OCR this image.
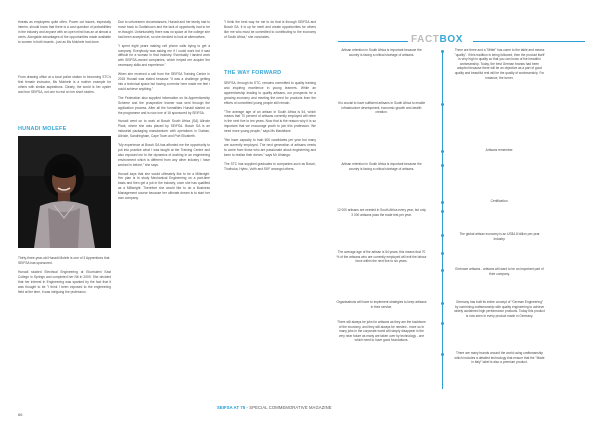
threats as employees quite often. Power cut issues, especially interim, should know that there is a cost question of probabilities in the industry and anyone with an open mind has an at almost a cents. Alongside advantages of the opportunities made available to women in both boards - just as Ms Mokhele had done.
From drawing office at a local police station to becoming STC's first female instructor, Ms Mokhele is a mother example for others with similar aspirations. Clearly, the world is her oyster and true SEIFSA, not one to rest on her short stories.
HUNADI MOLEFE
Thirty-three-year-old Hunadi Molefe is one of 3 Apprentices that SEIFSA has sponsored.
Hunadi studied Electrical Engineering at Ekurhuleni East College in Springs and completed her N6 in 2009. She decided that her interest in Engineering was sparked by the fact that it was thought to be "I think I been exposed to the engineering field at the time, it was intriguing the profession.

Due to unforeseen circumstances, Hunadi and her family had to move back to Oudtshoorn and the lack of opportunity had to be re-thought. Unfortunately there was no space at the college she had been accepted at, so she decided to look at alternatives.

"I spent eight years making cell phone calls trying to get a company. Everybody was asking me if I could work but it was difficult for a woman in that industry. Eventually I landed work with SEIFSA-owned companies, which helped me acquire the necessary skills and experience."

When she received a call from the SEIFSA Training Centre in 2015 Hunadi was elated because "it was a challenge getting into a technical space but having a mentor here made me feel I could achieve anything."

The Federation also supplied information on its Apprenticeship Scheme and the prospective learner was sent through the application process. After all the formalities Hunadi started on the programme and is now one of 16 sponsored by SEIFSA.

Hunadi went on to work at Bosch South Africa (SA) Allrode Plant, where she was placed by SEIFSA. Bosch SA is an industrial packaging manufacturer with operations in Durban, Allrode, Sandringham, Cape Town and Port Elizabeth.

"My experience at Bosch SA has afforded me the opportunity to put into practice what I was taught at the Training Centre and also exposed me to the dynamics of working in an engineering environment which is different from any other industry I have worked in before," she says.

Hunadi says that she would ultimately like to be a Millwright. Her plan is to study Mechanical Engineering on a part-time basis and then get a job in the industry, once she has qualified as a Millwright. Therefore she would like to do a Business Management course because her ultimate dream is to start her own company.

"I think the best way for me to do that is through SEIFSA and Bosch SA. It is up for merit and create opportunities for others like me who must be committed to contributing to the economy of South Africa," she concludes.
THE WAY FORWARD

SEIFSA, through its STC, remains committed to quality training and inspiring excellence in young learners. While an apprenticeship leading to quality artisans, our prospects for a growing economy and meeting the need for products from the efforts of committed young people still remain.

"The average age of an artisan in South Africa is 54, which means that 70 percent of artisans currently employed will retire in the next five to ten years. Now that is the reason why it is so important that we encourage youth to join this profession. We need more young people," says Ms Mashifane.

"We have capacity to train 600 candidates per year but many are currently employed. The next generation of artisans needs to come from those who are passionate about engineering and keen to realise their dream," says Mr Uhlanga.

The STC has supplied graduates to companies such as Bosch, Thuthuka, Hytec, Voith and SKF amongst others.

FACTBOX
Artisan retention in South Africa is important because the country is facing a critical shortage of artisans.
It is crucial to have sufficient artisans in South Africa to enable infrastructure development, economic growth and wealth creation.
Artisan retention in South Africa is important because the country is facing a critical shortage of artisans.
12 000 artisans are needed in South Africa every year, but only 3 000 artisans pass the trade test per year.
The average age of the artisan is 54 years; this means that 70 % of the artisans who are currently employed will exit the labour force within the next five to six years.
Organisations will have to implement strategies to keep artisans in their service.
There will always be jobs for artisans as they are the backbone of the economy, and they will always be needed - more so in many jobs in the corporate world will simply disappear in the very near future as many are taken over by technology - one which need to have good foundations.
There are three and a "Mittel" has come to the table and means "quality". If this tradition is being followed, then the product itself is very high in quality so that you can know of the beautiful workmanship. Today, the best German brands had been adopted because there will be an objective as a part of good quality and beautiful rest will be the quality of workmanship. For instance, the turner.
Artisans remember.
Certification.
The global artisan economy is an US$4.8 billion per-year industry.
Embrace artisans - artisans will want to be an important part of their company.
Germany has built its entire concept of "German Engineering" by combining craftsmanship with quality engineering to achieve widely acclaimed high performance products. Today this product is now seen in every product made in Germany.
There are many brands around the world using craftsmanship which includes a detailed technology that ensure that the "Made in Italy" label is also a premium product.
66
SEIFSA AT 75 - SPECIAL COMMEMORATIVE MAGAZINE
